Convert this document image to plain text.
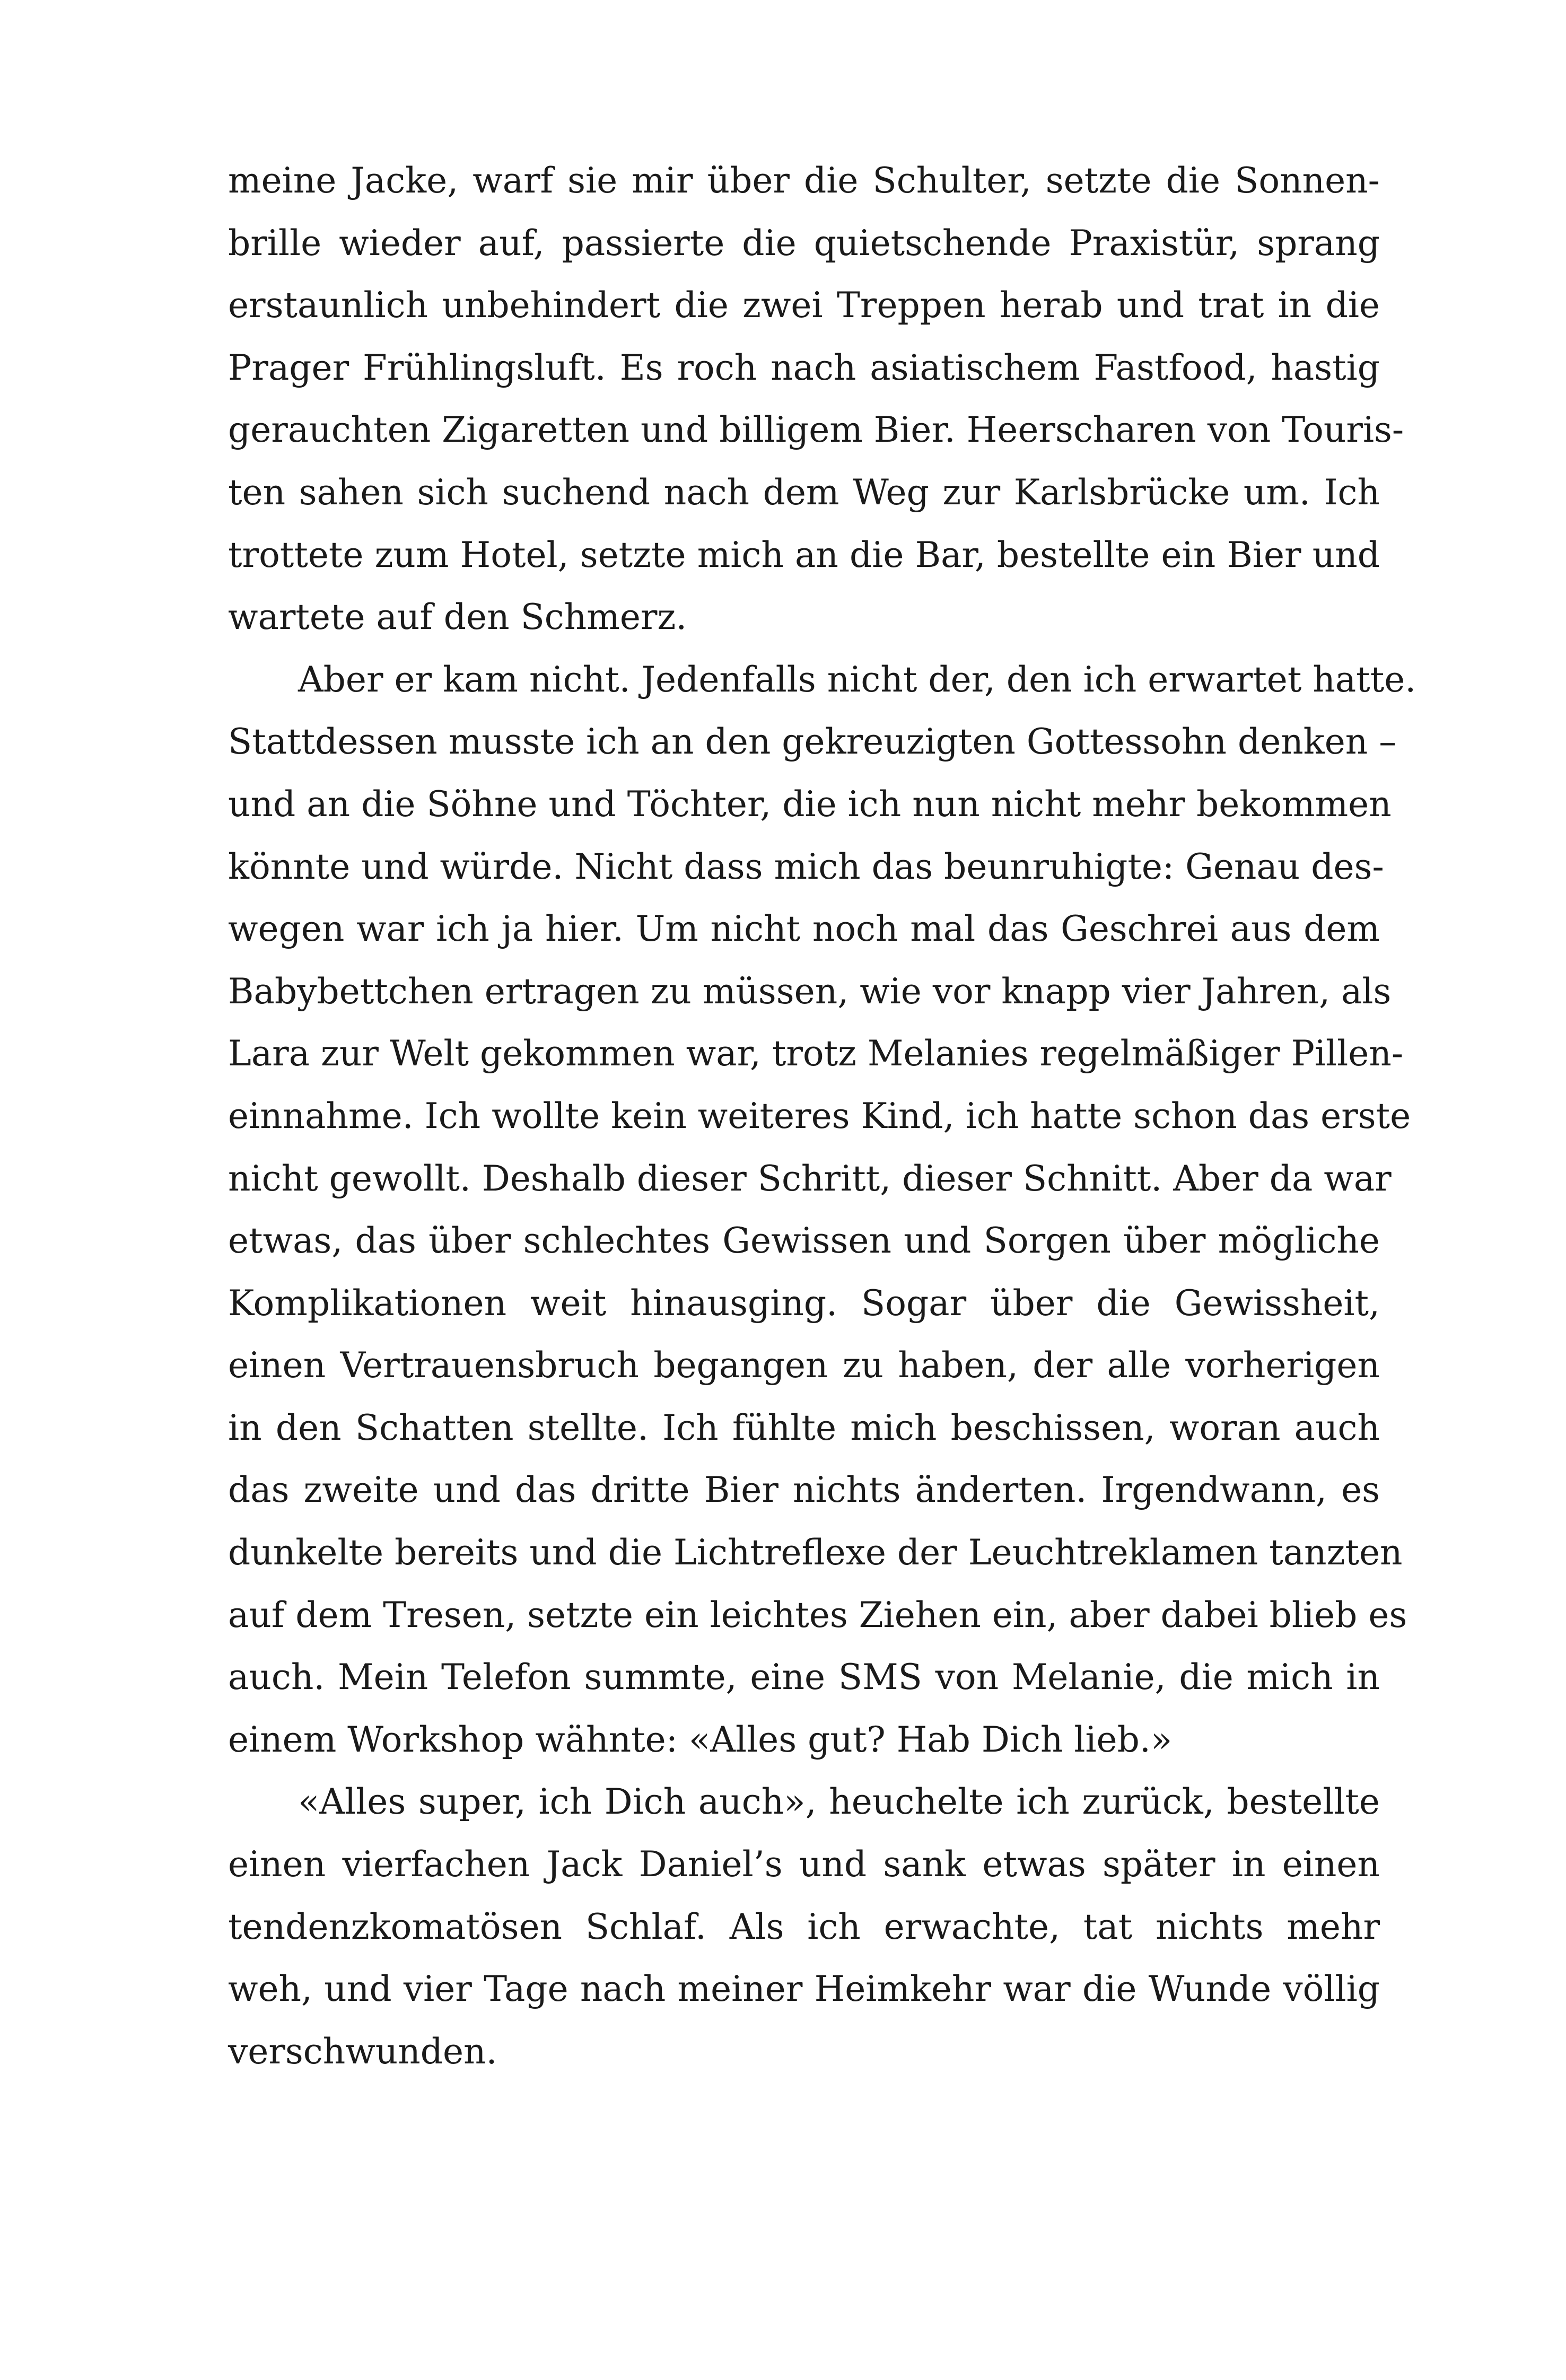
meine Jacke, warf sie mir über die Schulter, setzte die Sonnen-
brille wieder auf, passierte die quietschende Praxistür, sprang
erstaunlich unbehindert die zwei Treppen herab und trat in die
Prager Frühlingsluft. Es roch nach asiatischem Fastfood, hastig
gerauchten Zigaretten und billigem Bier. Heerscharen von Touris-
ten sahen sich suchend nach dem Weg zur Karlsbrücke um. Ich
trottete zum Hotel, setzte mich an die Bar, bestellte ein Bier und
wartete auf den Schmerz.
Aber er kam nicht. Jedenfalls nicht der, den ich erwartet hatte.
Stattdessen musste ich an den gekreuzigten Gottessohn denken –
und an die Söhne und Töchter, die ich nun nicht mehr bekommen
könnte und würde. Nicht dass mich das beunruhigte: Genau des-
wegen war ich ja hier. Um nicht noch mal das Geschrei aus dem
Babybettchen ertragen zu müssen, wie vor knapp vier Jahren, als
Lara zur Welt gekommen war, trotz Melanies regelmäßiger Pillen-
einnahme. Ich wollte kein weiteres Kind, ich hatte schon das erste
nicht gewollt. Deshalb dieser Schritt, dieser Schnitt. Aber da war
etwas, das über schlechtes Gewissen und Sorgen über mögliche
Komplikationen weit hinausging. Sogar über die Gewissheit,
einen Vertrauensbruch begangen zu haben, der alle vorherigen
in den Schatten stellte. Ich fühlte mich beschissen, woran auch
das zweite und das dritte Bier nichts änderten. Irgendwann, es
dunkelte bereits und die Lichtreflexe der Leuchtreklamen tanzten
auf dem Tresen, setzte ein leichtes Ziehen ein, aber dabei blieb es
auch. Mein Telefon summte, eine SMS von Melanie, die mich in
einem Workshop wähnte: «Alles gut? Hab Dich lieb.»
«Alles super, ich Dich auch», heuchelte ich zurück, bestellte
einen vierfachen Jack Daniel’s und sank etwas später in einen
tendenzkomatösen Schlaf. Als ich erwachte, tat nichts mehr
weh, und vier Tage nach meiner Heimkehr war die Wunde völlig
verschwunden.
